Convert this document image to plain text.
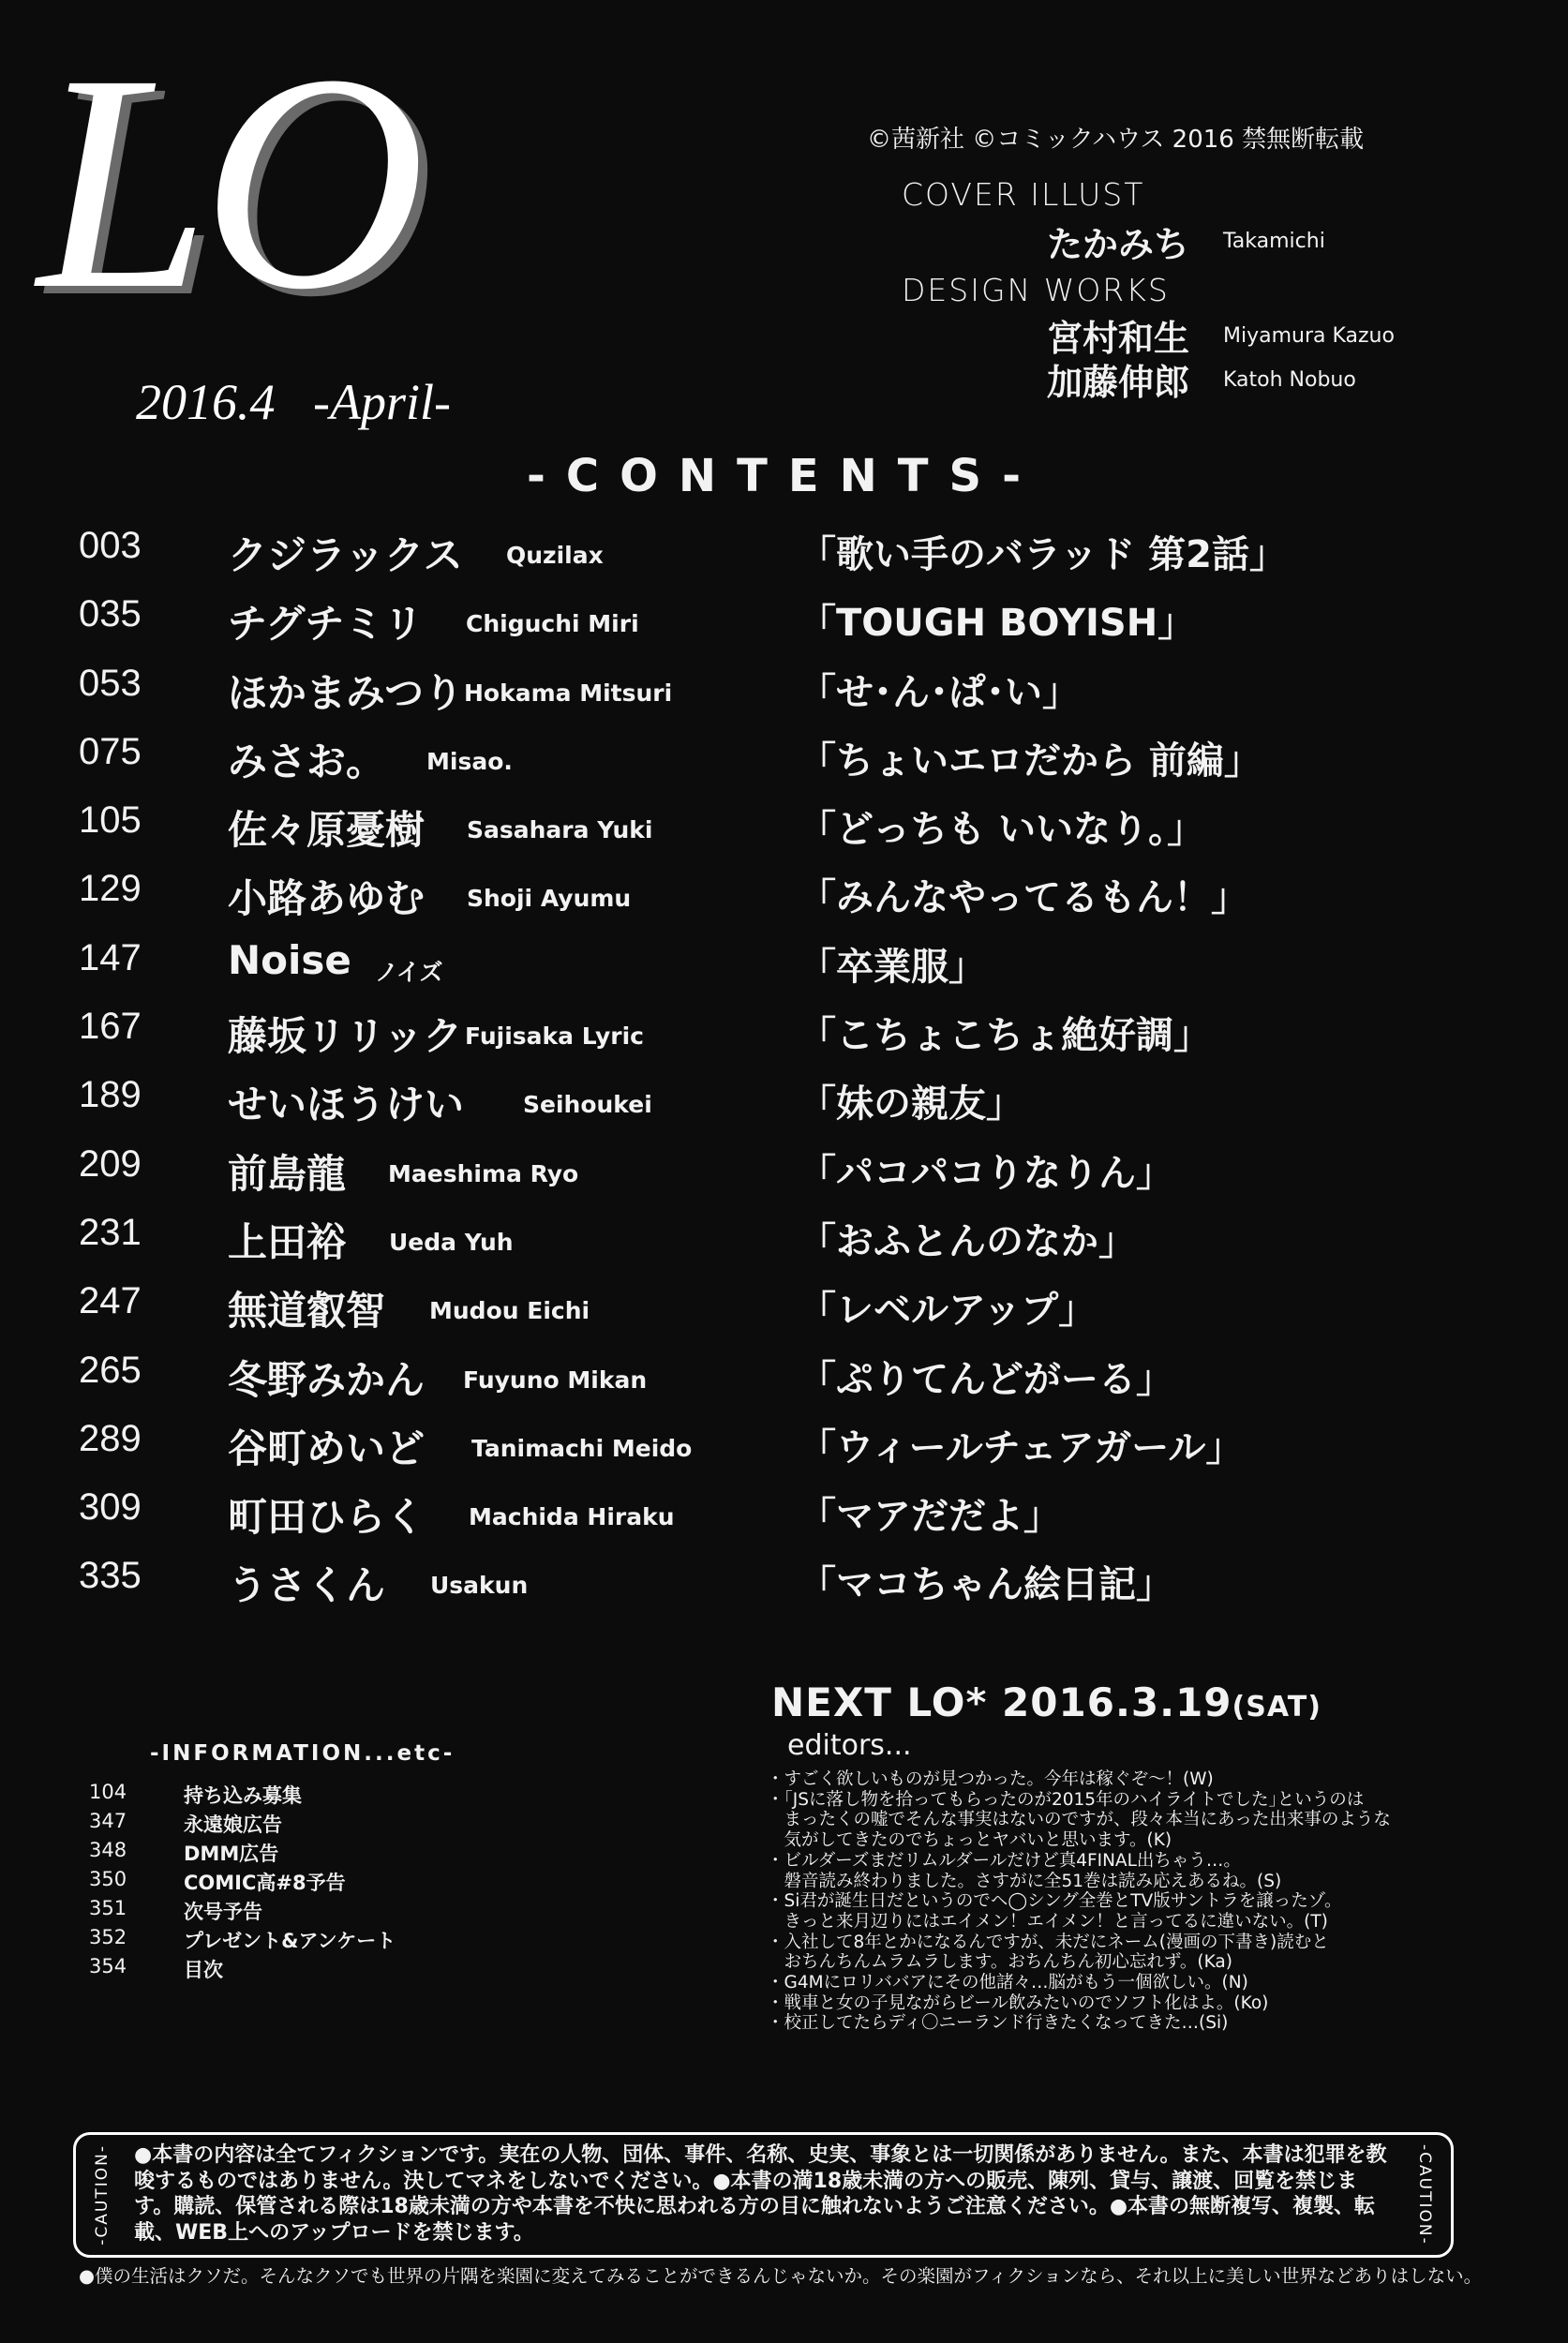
LO
2016.4   -April-
©茜新社 ©コミックハウス 2016 禁無断転載
COVER ILLUST
たかみち Takamichi
DESIGN WORKS
宮村和生 Miyamura Kazuo
加藤伸郎 Katoh Nobuo
-CONTENTS-
003 クジラックス Quzilax	「歌い手のバラッド 第2話」
035 チグチミリ Chiguchi Miri	「TOUGH BOYISH」
053 ほかまみつり Hokama Mitsuri	「せ･ん･ぱ･い」
075 みさお。 Misao.	「ちょいエロだから 前編」
105 佐々原憂樹 Sasahara Yuki	「どっちも いいなり。」
129 小路あゆむ Shoji Ayumu	「みんなやってるもん！」
147 Noise ノイズ	「卒業服」
167 藤坂リリック Fujisaka Lyric	「こちょこちょ絶好調」
189 せいほうけい	Seihoukei	「妹の親友」
209 前島龍 Maeshima Ryo	「パコパコりなりん」
231 上田裕 Ueda Yuh	「おふとんのなか」
247 無道叡智 Mudou Eichi	「レベルアップ」
265 冬野みかん Fuyuno Mikan	「ぷりてんどがーる」
289 谷町めいど Tanimachi Meido	「ウィールチェアガール」
309 町田ひらく Machida Hiraku	「マアだだよ」
335 うさくん Usakun	「マコちゃん絵日記」
NEXT LO* 2016.3.19(SAT)
editors...
・すごく欲しいものが見つかった。今年は稼ぐぞ～！(W)
・｢JSに落し物を拾ってもらったのが2015年のハイライトでした｣というのは
　まったくの嘘でそんな事実はないのですが、段々本当にあった出来事のような
　気がしてきたのでちょっとヤバいと思います。(K)
・ビルダーズまだリムルダールだけど真4FINAL出ちゃう…。
　磐音読み終わりました。さすがに全51巻は読み応えあるね。(S)
・Si君が誕生日だというのでヘ◯シング全巻とTV版サントラを譲ったゾ。
　きっと来月辺りにはエイメン！エイメン！と言ってるに違いない。(T)
・入社して8年とかになるんですが、未だにネーム(漫画の下書き)読むと
　おちんちんムラムラします。おちんちん初心忘れず。(Ka)
・G4Mにロリババアにその他諸々…脳がもう一個欲しい。(N)
・戦車と女の子見ながらビール飲みたいのでソフト化はよ。(Ko)
・校正してたらディ〇ニーランド行きたくなってきた…(Si)
-INFORMATION...etc-
104	持ち込み募集
347	永遠娘広告
348	DMM広告
350	COMIC高#8予告
351	次号予告
352	プレゼント&アンケート
354	目次
-CAUTION- ●本書の内容は全てフィクションです。実在の人物、団体、事件、名称、史実、事象とは一切関係がありません。また、本書は犯罪を教唆するものではありません。決してマネをしないでください。●本書の満18歳未満の方への販売、陳列、貸与、譲渡、回覧を禁じます。購読、保管される際は18歳未満の方や本書を不快に思われる方の目に触れないようご注意ください。●本書の無断複写、複製、転載、WEB上へのアップロードを禁じます。	-CAUTION-
●僕の生活はクソだ。そんなクソでも世界の片隅を楽園に変えてみることができるんじゃないか。その楽園がフィクションなら、それ以上に美しい世界などありはしない。
